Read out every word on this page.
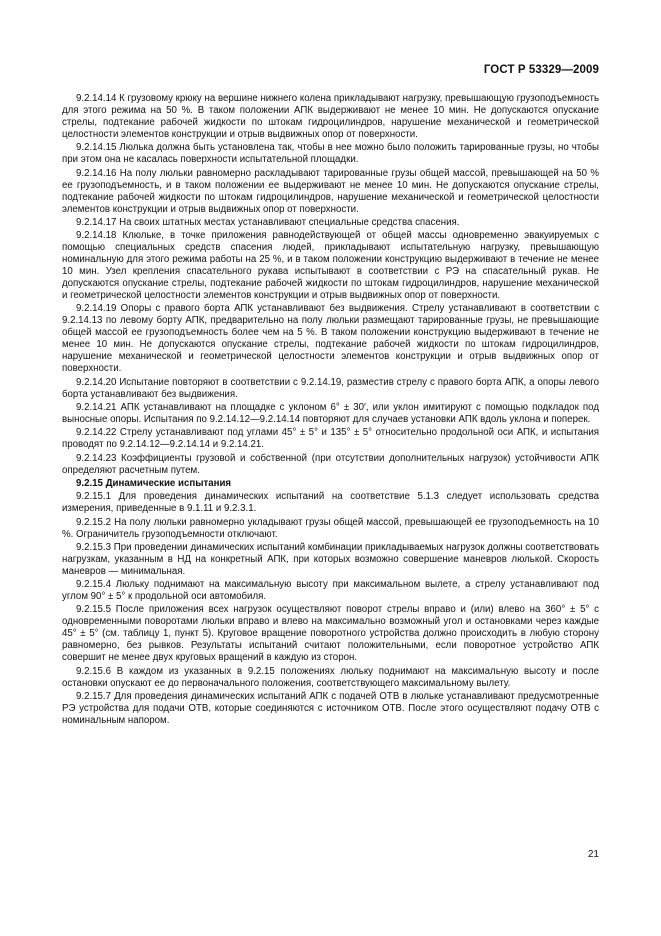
ГОСТ Р 53329—2009

9.2.14.14 К грузовому крюку на вершине нижнего колена прикладывают нагрузку, превышающую грузоподъемность для этого режима на 50 %. В таком положении АПК выдерживают не менее 10 мин. Не допускаются опускание стрелы, подтекание рабочей жидкости по штокам гидроцилиндров, нарушение механической и геометрической целостности элементов конструкции и отрыв выдвижных опор от поверхности.

9.2.14.15 Люлька должна быть установлена так, чтобы в нее можно было положить тарированные грузы, но чтобы при этом она не касалась поверхности испытательной площадки.

9.2.14.16 На полу люльки равномерно раскладывают тарированные грузы общей массой, превышающей на 50 % ее грузоподъемность, и в таком положении ее выдерживают не менее 10 мин. Не допускаются опускание стрелы, подтекание рабочей жидкости по штокам гидроцилиндров, нарушение механической и геометрической целостности элементов конструкции и отрыв выдвижных опор от поверхности.

9.2.14.17 На своих штатных местах устанавливают специальные средства спасения.

9.2.14.18 Клюльке, в точке приложения равнодействующей от общей массы одновременно эвакуируемых с помощью специальных средств спасения людей, прикладывают испытательную нагрузку, превышающую номинальную для этого режима работы на 25 %, и в таком положении конструкцию выдерживают в течение не менее 10 мин. Узел крепления спасательного рукава испытывают в соответствии с РЭ на спасательный рукав. Не допускаются опускание стрелы, подтекание рабочей жидкости по штокам гидроцилиндров, нарушение механической и геометрической целостности элементов конструкции и отрыв выдвижных опор от поверхности.

9.2.14.19 Опоры с правого борта АПК устанавливают без выдвижения. Стрелу устанавливают в соответствии с 9.2.14.13 по левому борту АПК, предварительно на полу люльки размещают тарированные грузы, не превышающие общей массой ее грузоподъемность более чем на 5 %. В таком положении конструкцию выдерживают в течение не менее 10 мин. Не допускаются опускание стрелы, подтекание рабочей жидкости по штокам гидроцилиндров, нарушение механической и геометрической целостности элементов конструкции и отрыв выдвижных опор от поверхности.

9.2.14.20 Испытание повторяют в соответствии с 9.2.14.19, разместив стрелу с правого борта АПК, а опоры левого борта устанавливают без выдвижения.

9.2.14.21 АПК устанавливают на площадке с уклоном 6° ± 30′, или уклон имитируют с помощью подкладок под выносные опоры. Испытания по 9.2.14.12—9.2.14.14 повторяют для случаев установки АПК вдоль уклона и поперек.

9.2.14.22 Стрелу устанавливают под углами 45° ± 5° и 135° ± 5° относительно продольной оси АПК, и испытания проводят по 9.2.14.12—9.2.14.14 и 9.2.14.21.

9.2.14.23 Коэффициенты грузовой и собственной (при отсутствии дополнительных нагрузок) устойчивости АПК определяют расчетным путем.

9.2.15 Динамические испытания

9.2.15.1 Для проведения динамических испытаний на соответствие 5.1.3 следует использовать средства измерения, приведенные в 9.1.11 и 9.2.3.1.

9.2.15.2 На полу люльки равномерно укладывают грузы общей массой, превышающей ее грузоподъемность на 10 %. Ограничитель грузоподъемности отключают.

9.2.15.3 При проведении динамических испытаний комбинации прикладываемых нагрузок должны соответствовать нагрузкам, указанным в НД на конкретный АПК, при которых возможно совершение маневров люлькой. Скорость маневров — минимальная.

9.2.15.4 Люльку поднимают на максимальную высоту при максимальном вылете, а стрелу устанавливают под углом 90° ± 5° к продольной оси автомобиля.

9.2.15.5 После приложения всех нагрузок осуществляют поворот стрелы вправо и (или) влево на 360° ± 5° с одновременными поворотами люльки вправо и влево на максимально возможный угол и остановками через каждые 45° ± 5° (см. таблицу 1, пункт 5). Круговое вращение поворотного устройства должно происходить в любую сторону равномерно, без рывков. Результаты испытаний считают положительными, если поворотное устройство АПК совершит не менее двух круговых вращений в каждую из сторон.

9.2.15.6 В каждом из указанных в 9.2.15 положениях люльку поднимают на максимальную высоту и после остановки опускают ее до первоначального положения, соответствующего максимальному вылету.

9.2.15.7 Для проведения динамических испытаний АПК с подачей ОТВ в люльке устанавливают предусмотренные РЭ устройства для подачи ОТВ, которые соединяются с источником ОТВ. После этого осуществляют подачу ОТВ с номинальным напором.

21
